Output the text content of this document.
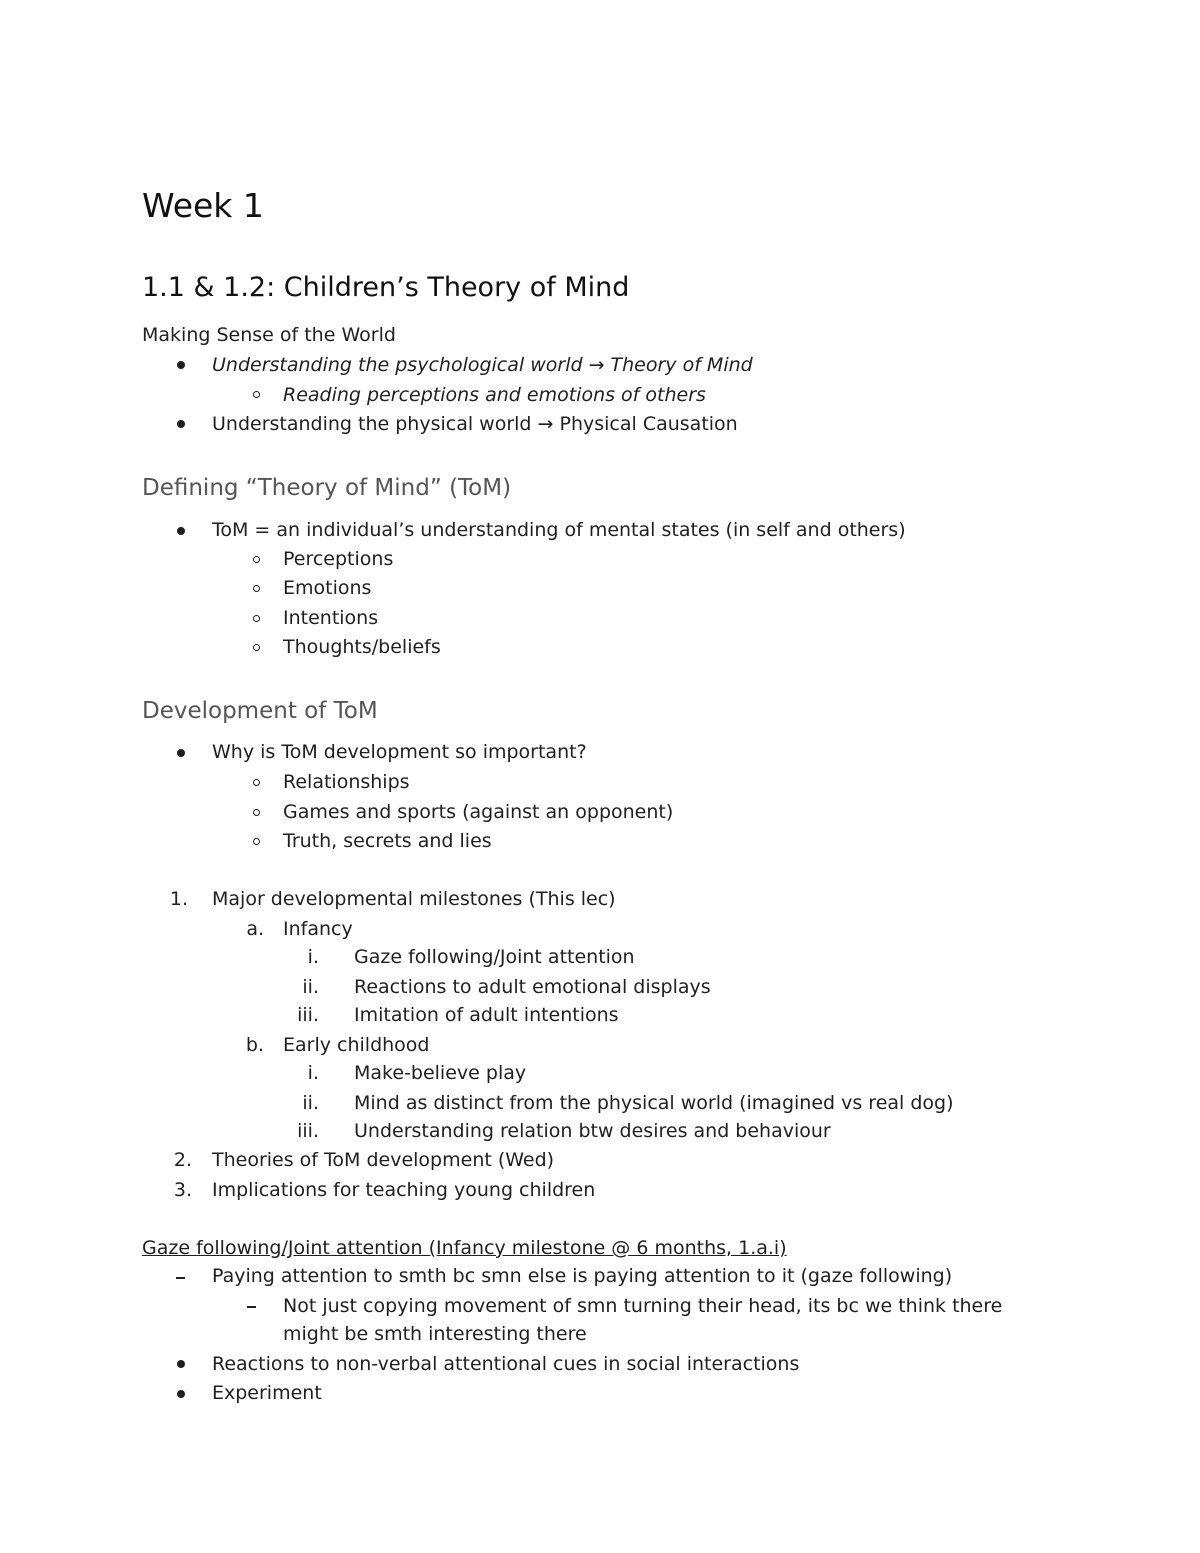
Week 1
1.1 & 1.2: Children’s Theory of Mind
Making Sense of the World
Understanding the psychological world → Theory of Mind
Reading perceptions and emotions of others
Understanding the physical world → Physical Causation
Defining “Theory of Mind” (ToM)
ToM = an individual’s understanding of mental states (in self and others)
Perceptions
Emotions
Intentions
Thoughts/beliefs
Development of ToM
Why is ToM development so important?
Relationships
Games and sports (against an opponent)
Truth, secrets and lies
1. Major developmental milestones (This lec)
a. Infancy
i. Gaze following/Joint attention
ii. Reactions to adult emotional displays
iii. Imitation of adult intentions
b. Early childhood
i. Make-believe play
ii. Mind as distinct from the physical world (imagined vs real dog)
iii. Understanding relation btw desires and behaviour
2. Theories of ToM development (Wed)
3. Implications for teaching young children
Gaze following/Joint attention (Infancy milestone @ 6 months, 1.a.i)
Paying attention to smth bc smn else is paying attention to it (gaze following)
Not just copying movement of smn turning their head, its bc we think there
might be smth interesting there
Reactions to non-verbal attentional cues in social interactions
Experiment
